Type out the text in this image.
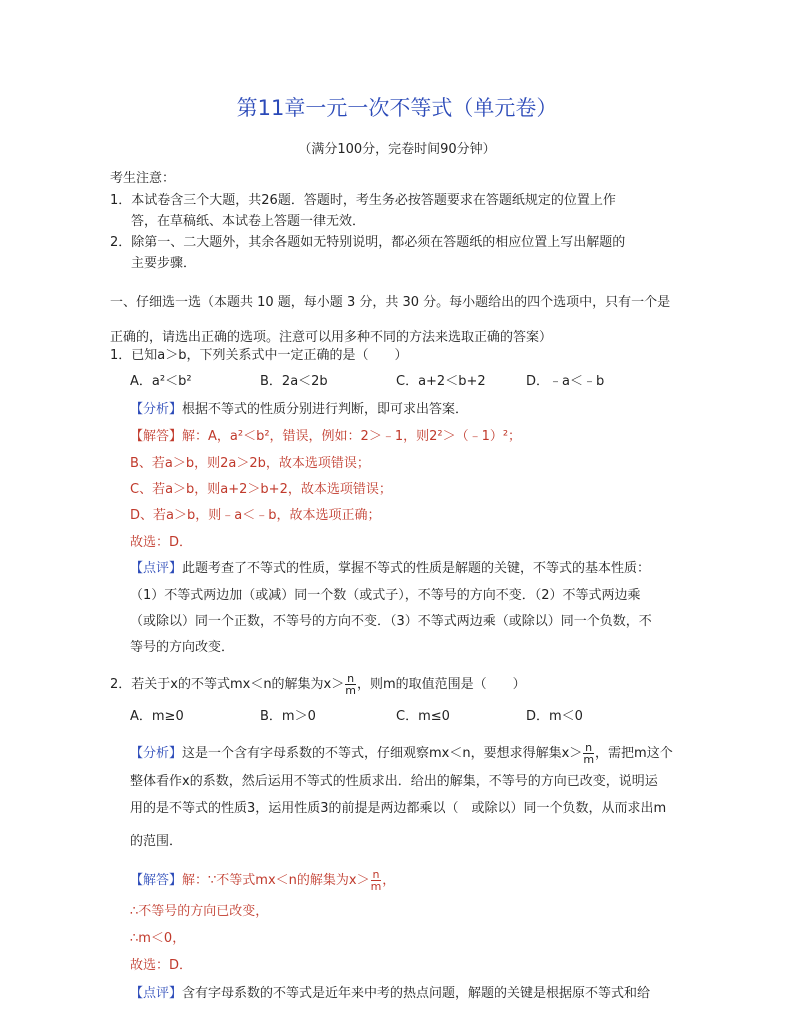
第11章一元一次不等式（单元卷）
（满分100分，完卷时间90分钟）
考生注意：
1．本试卷含三个大题，共26题．答题时，考生务必按答题要求在答题纸规定的位置上作
答，在草稿纸、本试卷上答题一律无效．
2．除第一、二大题外，其余各题如无特别说明，都必须在答题纸的相应位置上写出解题的
主要步骤．
一、仔细选一选（本题共 10 题，每小题 3 分，共 30 分。每小题给出的四个选项中，只有一个是
正确的，请选出正确的选项。注意可以用多种不同的方法来选取正确的答案）
1．已知a＞b，下列关系式中一定正确的是（　　）
A．a²＜b²	B．2a＜2b	C．a+2＜b+2	D．﹣a＜﹣b
【分析】根据不等式的性质分别进行判断，即可求出答案．
【解答】解：A，a²＜b²，错误，例如：2＞﹣1，则2²＞（﹣1）²；
B、若a＞b，则2a＞2b，故本选项错误；
C、若a＞b，则a+2＞b+2，故本选项错误；
D、若a＞b，则﹣a＜﹣b，故本选项正确；
故选：D．
【点评】此题考查了不等式的性质，掌握不等式的性质是解题的关键，不等式的基本性质：
（1）不等式两边加（或减）同一个数（或式子），不等号的方向不变．（2）不等式两边乘
（或除以）同一个正数，不等号的方向不变．（3）不等式两边乘（或除以）同一个负数，不
等号的方向改变．
2．若关于x的不等式mx＜n的解集为$x> \frac{n}{m}$ ，则m的取值范围是（　　）
A．m≥0	B．m＞0	C．m≤0	D．m＜0
【分析】这是一个含有字母系数的不等式，仔细观察mx＜n，要想求得解集$x> \frac{n}{m}$ ，需把m这个
整体看作x的系数，然后运用不等式的性质求出．给出的解集，不等号的方向已改变，说明运
用的是不等式的性质3，运用性质3的前提是两边都乘以（　或除以）同一个负数，从而求出m
的范围．
【解答】解：∵不等式mx＜n的解集为$x> \frac{n}{m}$ ，
∴不等号的方向已改变，
∴m＜0，
故选：D．
【点评】含有字母系数的不等式是近年来中考的热点问题，解题的关键是根据原不等式和给
